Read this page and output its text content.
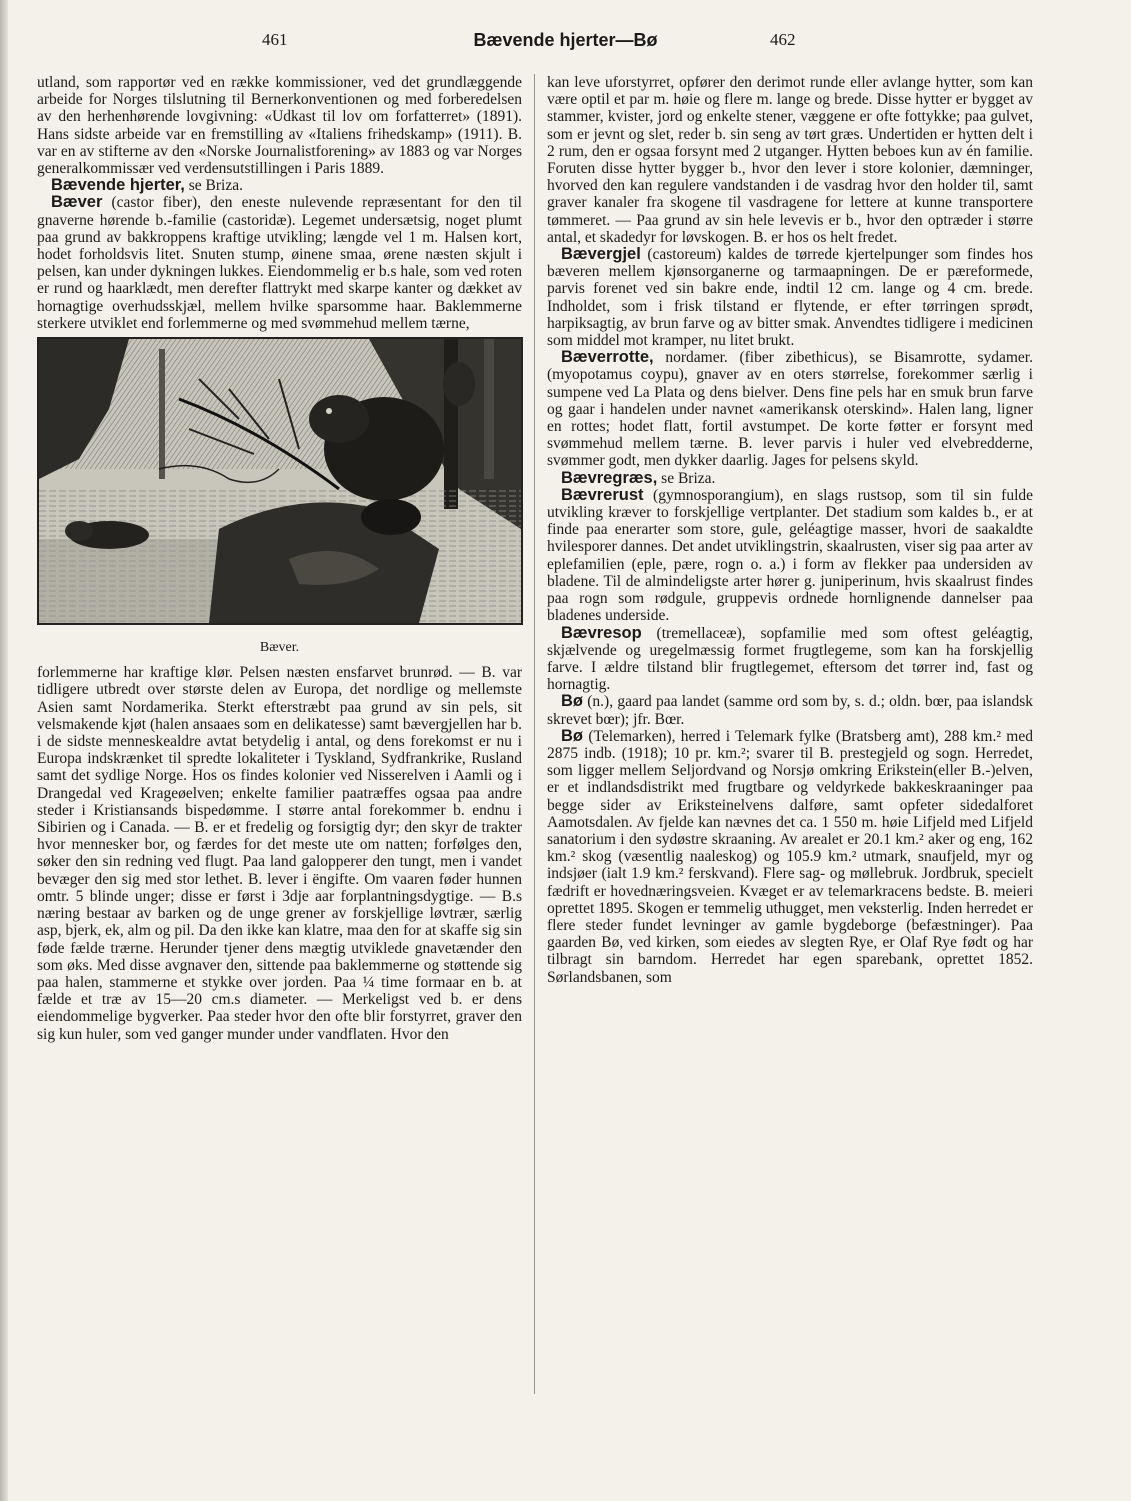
461	Bævende hjerter—Bø	462

utland, som rapportør ved en række kommissioner, ved det grundlæggende arbeide for Norges tilslutning til Bernerkonventionen og med forberedelsen av den herhenhørende lovgivning: «Udkast til lov om forfatterret» (1891). Hans sidste arbeide var en fremstilling av «Italiens frihedskamp» (1911). B. var en av stifterne av den «Norske Journalistforening» av 1883 og var Norges generalkommissær ved verdensutstillingen i Paris 1889.

Bævende hjerter, se Briza.

Bæver (castor fiber), den eneste nulevende repræsentant for den til gnaverne hørende b.-familie (castoridæ). Legemet undersætsig, noget plumt paa grund av bakkroppens kraftige utvikling; længde vel 1 m. Halsen kort, hodet forholdsvis litet. Snuten stump, øinene smaa, ørene næsten skjult i pelsen, kan under dykningen lukkes. Eiendommelig er b.s hale, som ved roten er rund og haarklædt, men derefter flattrykt med skarpe kanter og dækket av hornagtige overhudsskjæl, mellem hvilke sparsomme haar. Baklemmerne sterkere utviklet end forlemmerne og med svømmehud mellem tærne,

Bæver.

forlemmerne har kraftige klør. Pelsen næsten ensfarvet brunrød. — B. var tidligere utbredt over største delen av Europa, det nordlige og mellemste Asien samt Nordamerika. Sterkt efterstræbt paa grund av sin pels, sit velsmakende kjøt (halen ansaaes som en delikatesse) samt bævergjellen har b. i de sidste menneskealdre avtat betydelig i antal, og dens forekomst er nu i Europa indskrænket til spredte lokaliteter i Tyskland, Sydfrankrike, Rusland samt det sydlige Norge. Hos os findes kolonier ved Nisserelven i Aamli og i Drangedal ved Krageøelven; enkelte familier paatræffes ogsaa paa andre steder i Kristiansands bispedømme. I større antal forekommer b. endnu i Sibirien og i Canada. — B. er et fredelig og forsigtig dyr; den skyr de trakter hvor mennesker bor, og færdes for det meste ute om natten; forfølges den, søker den sin redning ved flugt. Paa land galopperer den tungt, men i vandet bevæger den sig med stor lethet. B. lever i ëngifte. Om vaaren føder hunnen omtr. 5 blinde unger; disse er først i 3dje aar forplantningsdygtige. — B.s næring bestaar av barken og de unge grener av forskjellige løvtrær, særlig asp, bjerk, ek, alm og pil. Da den ikke kan klatre, maa den for at skaffe sig sin føde fælde trærne. Herunder tjener dens mægtig utviklede gnavetænder den som øks. Med disse avgnaver den, sittende paa baklemmerne og støttende sig paa halen, stammerne et stykke over jorden. Paa ¼ time formaar en b. at fælde et træ av 15—20 cm.s diameter. — Merkeligst ved b. er dens eiendommelige bygverker. Paa steder hvor den ofte blir forstyrret, graver den sig kun huler, som ved ganger munder under vandflaten. Hvor den

kan leve uforstyrret, opfører den derimot runde eller avlange hytter, som kan være optil et par m. høie og flere m. lange og brede. Disse hytter er bygget av stammer, kvister, jord og enkelte stener, væggene er ofte fottykke; paa gulvet, som er jevnt og slet, reder b. sin seng av tørt græs. Undertiden er hytten delt i 2 rum, den er ogsaa forsynt med 2 utganger. Hytten beboes kun av én familie. Foruten disse hytter bygger b., hvor den lever i store kolonier, dæmninger, hvorved den kan regulere vandstanden i de vasdrag hvor den holder til, samt graver kanaler fra skogene til vasdragene for lettere at kunne transportere tømmeret. — Paa grund av sin hele levevis er b., hvor den optræder i større antal, et skadedyr for løvskogen. B. er hos os helt fredet.

Bævergjel (castoreum) kaldes de tørrede kjertelpunger som findes hos bæveren mellem kjønsorganerne og tarmaapningen. De er pæreformede, parvis forenet ved sin bakre ende, indtil 12 cm. lange og 4 cm. brede. Indholdet, som i frisk tilstand er flytende, er efter tørringen sprødt, harpiksagtig, av brun farve og av bitter smak. Anvendtes tidligere i medicinen som middel mot kramper, nu litet brukt.

Bæverrotte, nordamer. (fiber zibethicus), se Bisamrotte, sydamer. (myopotamus coypu), gnaver av en oters størrelse, forekommer særlig i sumpene ved La Plata og dens bielver. Dens fine pels har en smuk brun farve og gaar i handelen under navnet «amerikansk oterskind». Halen lang, ligner en rottes; hodet flatt, fortil avstumpet. De korte føtter er forsynt med svømmehud mellem tærne. B. lever parvis i huler ved elvebredderne, svømmer godt, men dykker daarlig. Jages for pelsens skyld.

Bævregræs, se Briza.

Bævrerust (gymnosporangium), en slags rustsop, som til sin fulde utvikling kræver to forskjellige vertplanter. Det stadium som kaldes b., er at finde paa enerarter som store, gule, geléagtige masser, hvori de saakaldte hvilesporer dannes. Det andet utviklingstrin, skaalrusten, viser sig paa arter av eplefamilien (eple, pære, rogn o. a.) i form av flekker paa undersiden av bladene. Til de almindeligste arter hører g. juniperinum, hvis skaalrust findes paa rogn som rødgule, gruppevis ordnede hornlignende dannelser paa bladenes underside.

Bævresop (tremellaceæ), sopfamilie med som oftest geléagtig, skjælvende og uregelmæssig formet frugtlegeme, som kan ha forskjellig farve. I ældre tilstand blir frugtlegemet, eftersom det tørrer ind, fast og hornagtig.

Bø (n.), gaard paa landet (samme ord som by, s. d.; oldn. bœr, paa islandsk skrevet bœr); jfr. Bœr.

Bø (Telemarken), herred i Telemark fylke (Bratsberg amt), 288 km.² med 2875 indb. (1918); 10 pr. km.²; svarer til B. prestegjeld og sogn. Herredet, som ligger mellem Seljordvand og Norsjø omkring Erikstein(eller B.-)elven, er et indlandsdistrikt med frugtbare og veldyrkede bakkeskraaninger paa begge sider av Eriksteinelvens dalføre, samt opfeter sidedalforet Aamotsdalen. Av fjelde kan nævnes det ca. 1 550 m. høie Lifjeld med Lifjeld sanatorium i den sydøstre skraaning. Av arealet er 20.1 km.² aker og eng, 162 km.² skog (væsentlig naaleskog) og 105.9 km.² utmark, snaufjeld, myr og indsjøer (ialt 1.9 km.² ferskvand). Flere sag- og møllebruk. Jordbruk, specielt fædrift er hovednæringsveien. Kvæget er av telemarkracens bedste. B. meieri oprettet 1895. Skogen er temmelig uthugget, men veksterlig. Inden herredet er flere steder fundet levninger av gamle bygdeborge (befæstninger). Paa gaarden Bø, ved kirken, som eiedes av slegten Rye, er Olaf Rye født og har tilbragt sin barndom. Herredet har egen sparebank, oprettet 1852. Sørlandsbanen, som
